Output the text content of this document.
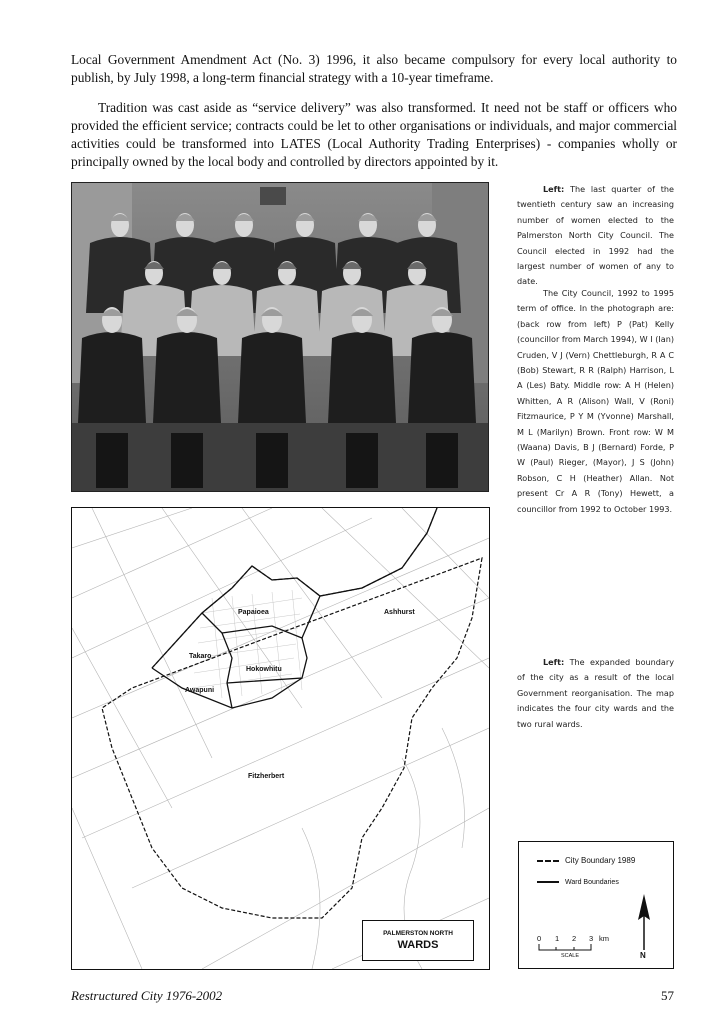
Local Government Amendment Act (No. 3) 1996, it also became compulsory for every local authority to publish, by July 1998, a long-term financial strategy with a 10-year timeframe.

Tradition was cast aside as “service delivery” was also transformed. It need not be staff or officers who provided the efficient service; contracts could be let to other organisations or individuals, and major commercial activities could be transformed into LATES (Local Authority Trading Enterprises) - companies wholly or principally owned by the local body and controlled by directors appointed by it.

Left: The last quarter of the twentieth century saw an increasing number of women elected to the Palmerston North City Council. The Council elected in 1992 had the largest number of women of any to date.

The City Council, 1992 to 1995 term of office. In the photograph are: (back row from left) P (Pat) Kelly (councillor from March 1994), W I (Ian) Cruden, V J (Vern) Chettleburgh, R A C (Bob) Stewart, R R (Ralph) Harrison, L A (Les) Baty. Middle row: A H (Helen) Whitten, A R (Alison) Wall, V (Roni) Fitzmaurice, P Y M (Yvonne) Marshall, M L (Marilyn) Brown. Front row: W M (Waana) Davis, B J (Bernard) Forde, P W (Paul) Rieger, (Mayor), J S (John) Robson, C H (Heather) Allan. Not present Cr A R (Tony) Hewett, a councillor from 1992 to October 1993.

Papaioea	Ashhurst
Takaro
Hokowhitu
Awapuni
Fitzherbert
PALMERSTON NORTH
WARDS

Left: The expanded boundary of the city as a result of the local Government reorganisation. The map indicates the four city wards and the two rural wards.

City Boundary 1989
Ward Boundaries
0 1 2 3 km
SCALE	N
Restructured City 1976-2002	57
